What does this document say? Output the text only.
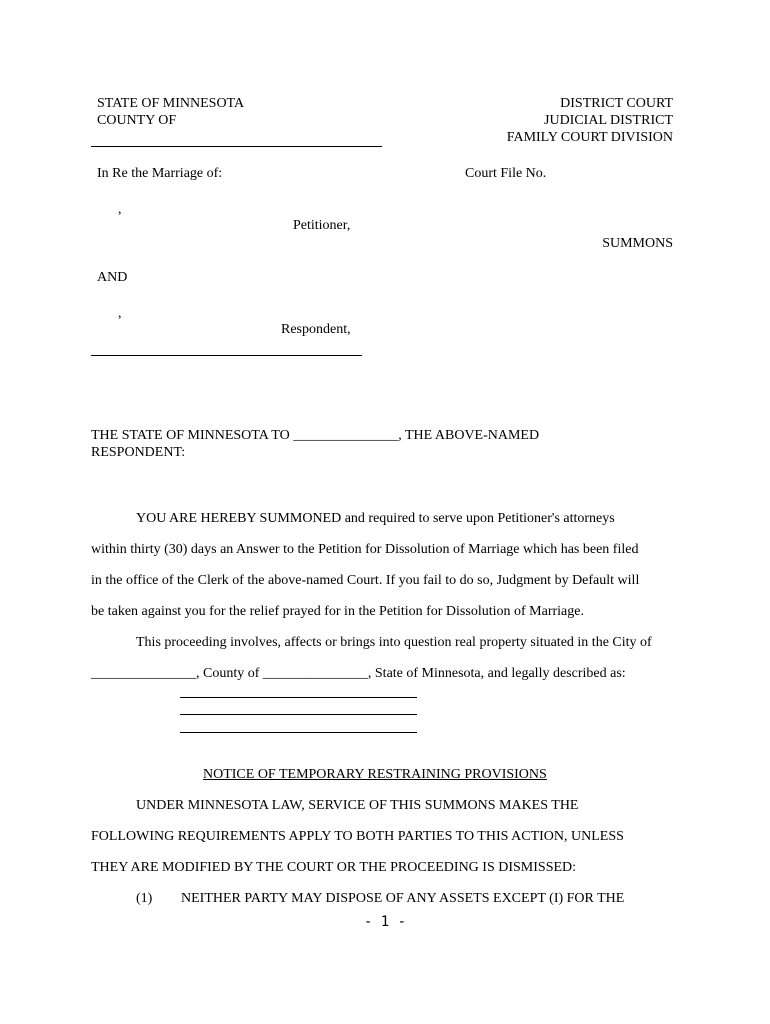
STATE OF MINNESOTA
COUNTY OF
DISTRICT COURT
JUDICIAL DISTRICT
FAMILY COURT DIVISION
In Re the Marriage of:	Court File No.
,
Petitioner,
SUMMONS
AND
,
Respondent,
THE STATE OF MINNESOTA TO _______________, THE ABOVE-NAMED
RESPONDENT:
YOU ARE HEREBY SUMMONED and required to serve upon Petitioner's attorneys
within thirty (30) days an Answer to the Petition for Dissolution of Marriage which has been filed
in the office of the Clerk of the above-named Court. If you fail to do so, Judgment by Default will
be taken against you for the relief prayed for in the Petition for Dissolution of Marriage.
This proceeding involves, affects or brings into question real property situated in the City of
_______________, County of _______________, State of Minnesota, and legally described as:
NOTICE OF TEMPORARY RESTRAINING PROVISIONS
UNDER MINNESOTA LAW, SERVICE OF THIS SUMMONS MAKES THE
FOLLOWING REQUIREMENTS APPLY TO BOTH PARTIES TO THIS ACTION, UNLESS
THEY ARE MODIFIED BY THE COURT OR THE PROCEEDING IS DISMISSED:
(1) NEITHER PARTY MAY DISPOSE OF ANY ASSETS EXCEPT (I) FOR THE
- 1 -
